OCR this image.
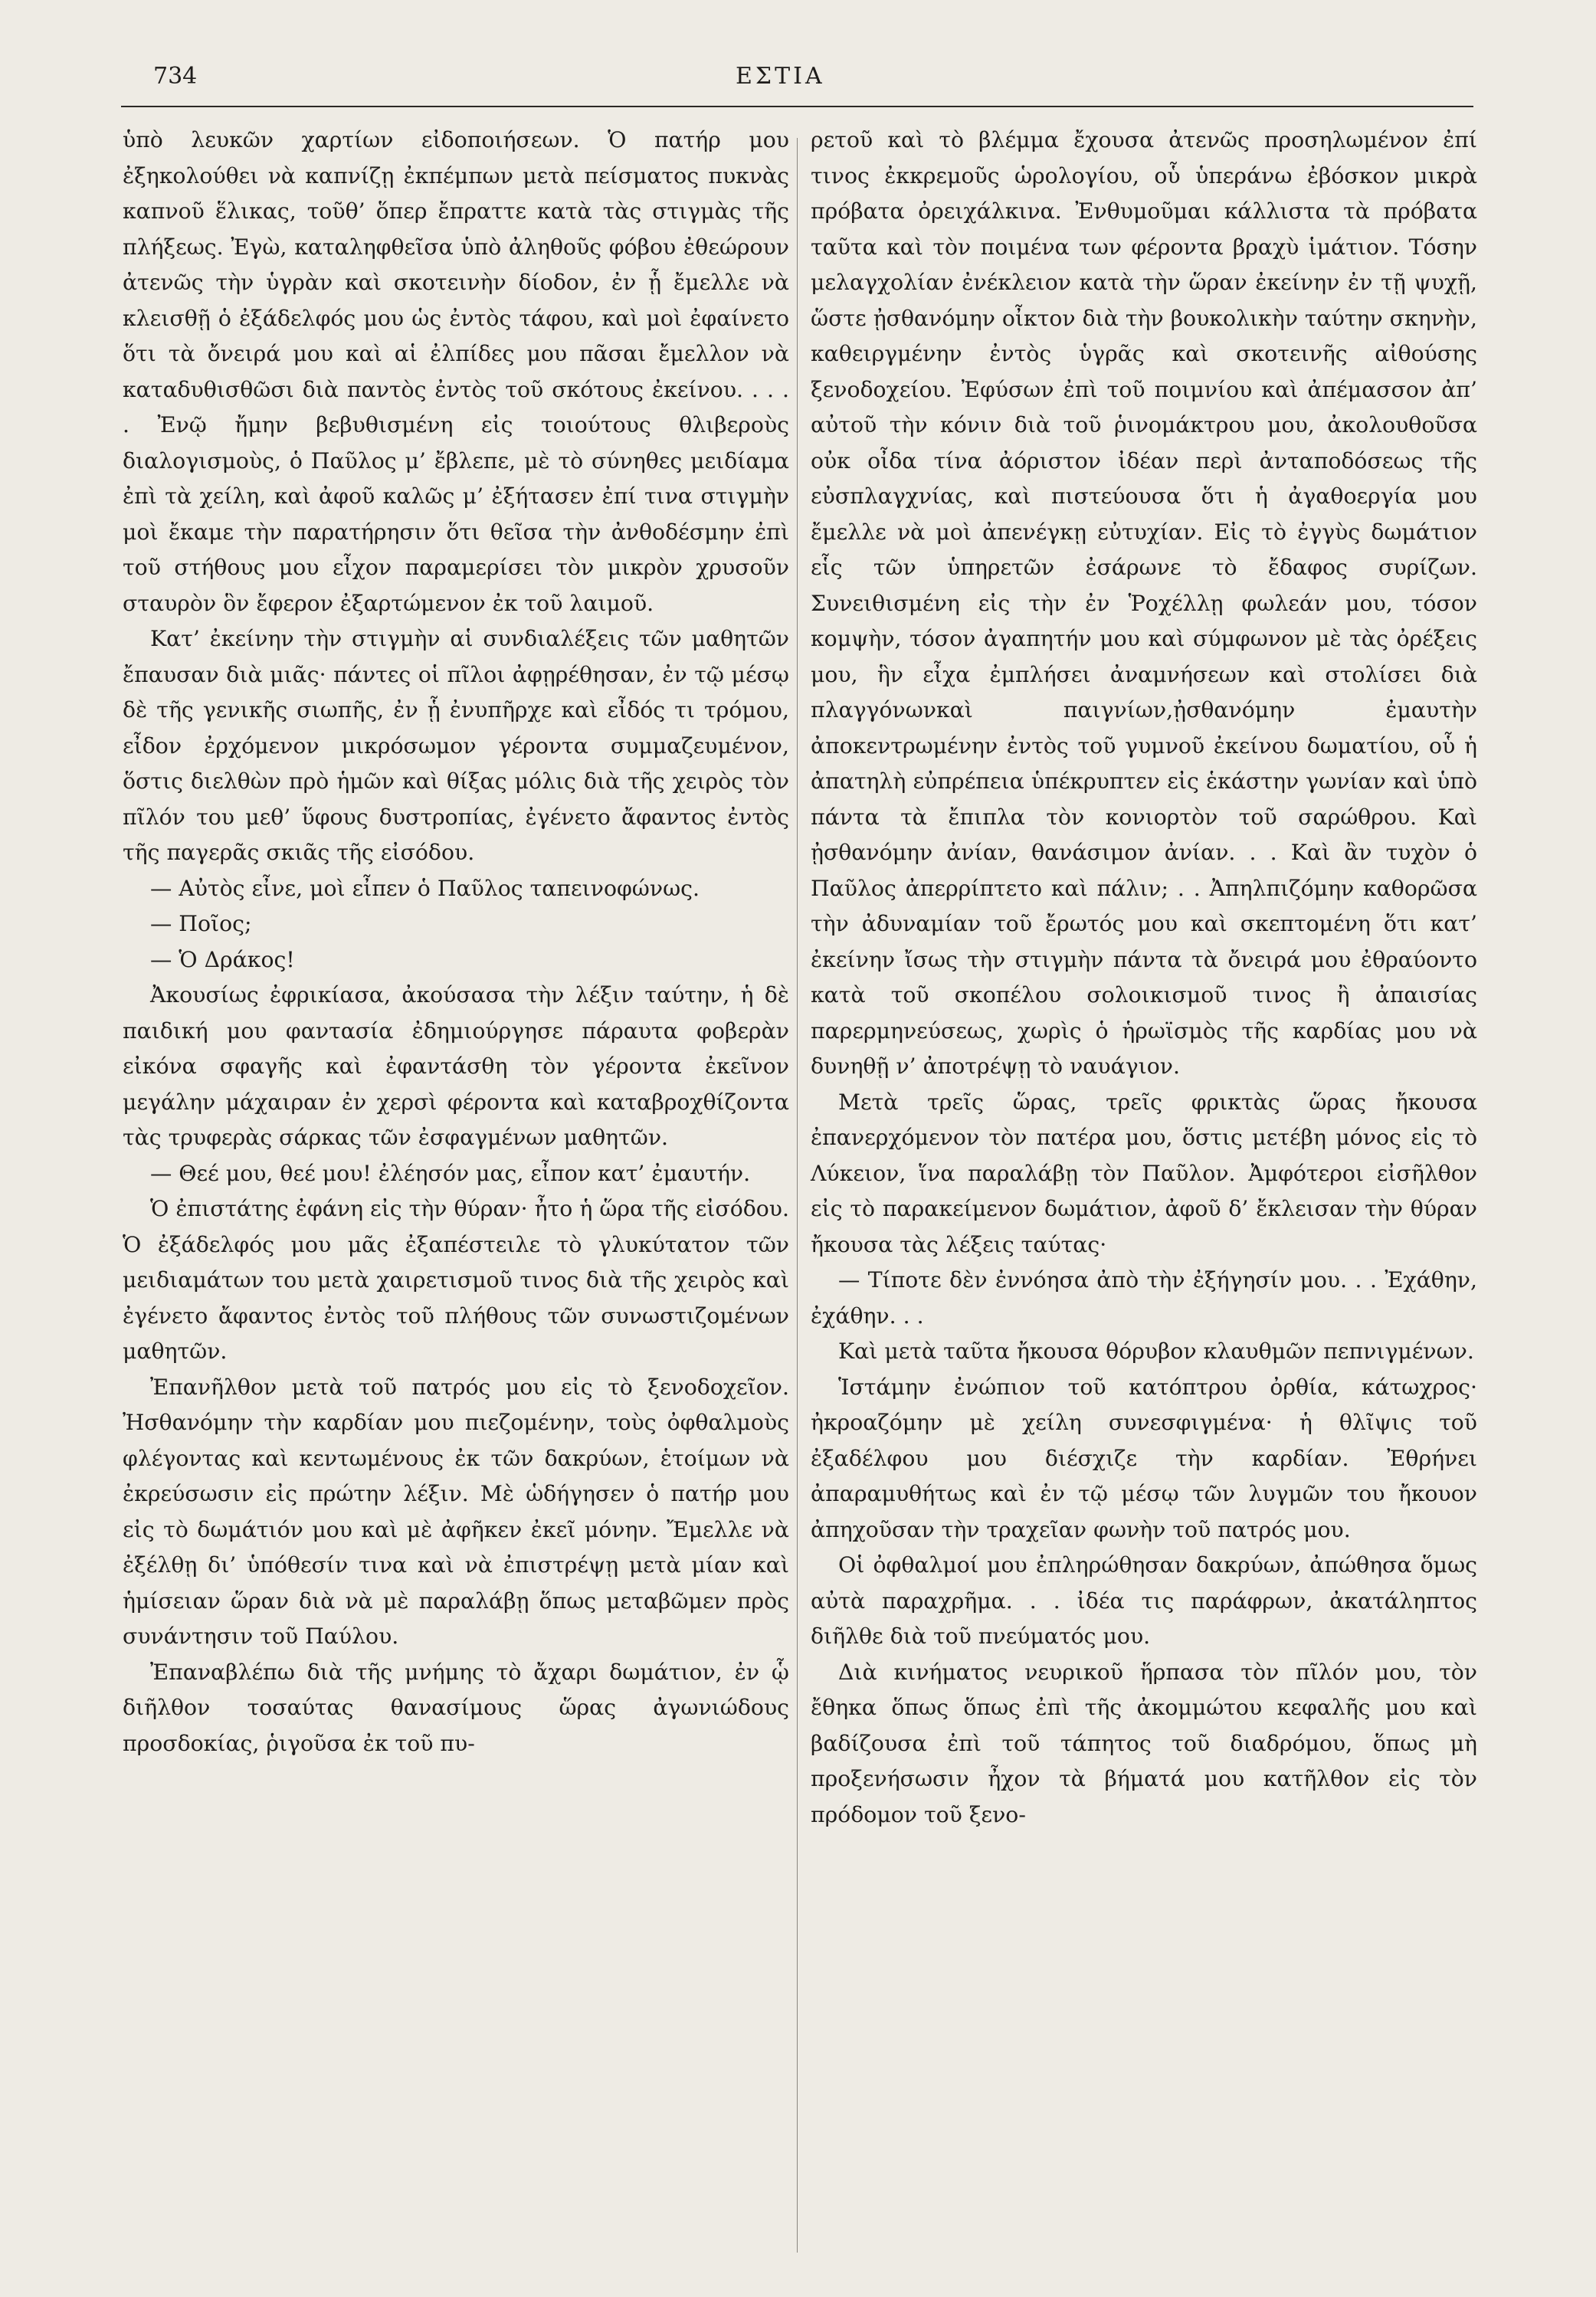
734	ΕΣΤΙΑ

ὑπὸ λευκῶν χαρτίων εἰδοποιήσεων. Ὁ πατήρ μου ἐξηκολούθει νὰ καπνίζῃ ἐκπέμπων μετὰ πείσματος πυκνὰς καπνοῦ ἕλικας, τοῦθ’ ὅπερ ἔπραττε κατὰ τὰς στιγμὰς τῆς πλήξεως. Ἐγὼ, καταληφθεῖσα ὑπὸ ἀληθοῦς φόβου ἐθεώρουν ἀτενῶς τὴν ὑγρὰν καὶ σκοτεινὴν δίοδον, ἐν ᾗ ἔμελλε νὰ κλεισθῇ ὁ ἐξάδελφός μου ὡς ἐντὸς τάφου, καὶ μοὶ ἐφαίνετο ὅτι τὰ ὄνειρά μου καὶ αἱ ἐλπίδες μου πᾶσαι ἔμελλον νὰ καταδυθισθῶσι διὰ παντὸς ἐντὸς τοῦ σκότους ἐκείνου. . . . . Ἐνῷ ἤμην βεβυθισμένη εἰς τοιούτους θλιβεροὺς διαλογισμοὺς, ὁ Παῦλος μ’ ἔβλεπε, μὲ τὸ σύνηθες μειδίαμα ἐπὶ τὰ χείλη, καὶ ἀφοῦ καλῶς μ’ ἐξήτασεν ἐπί τινα στιγμὴν μοὶ ἔκαμε τὴν παρατήρησιν ὅτι θεῖσα τὴν ἀνθοδέσμην ἐπὶ τοῦ στήθους μου εἶχον παραμερίσει τὸν μικρὸν χρυσοῦν σταυρὸν ὃν ἔφερον ἐξαρτώμενον ἐκ τοῦ λαιμοῦ.

Κατ’ ἐκείνην τὴν στιγμὴν αἱ συνδιαλέξεις τῶν μαθητῶν ἔπαυσαν διὰ μιᾶς· πάντες οἱ πῖλοι ἀφῃρέθησαν, ἐν τῷ μέσῳ δὲ τῆς γενικῆς σιωπῆς, ἐν ᾗ ἐνυπῆρχε καὶ εἶδός τι τρόμου, εἶδον ἐρχόμενον μικρόσωμον γέροντα συμμαζευμένον, ὅστις διελθὼν πρὸ ἡμῶν καὶ θίξας μόλις διὰ τῆς χειρὸς τὸν πῖλόν του μεθ’ ὕφους δυστροπίας, ἐγένετο ἄφαντος ἐντὸς τῆς παγερᾶς σκιᾶς τῆς εἰσόδου.

— Αὐτὸς εἶνε, μοὶ εἶπεν ὁ Παῦλος ταπεινοφώνως.

— Ποῖος;

— Ὁ Δράκος!

Ἀκουσίως ἐφρικίασα, ἀκούσασα τὴν λέξιν ταύτην, ἡ δὲ παιδική μου φαντασία ἐδημιούργησε πάραυτα φοβερὰν εἰκόνα σφαγῆς καὶ ἐφαντάσθη τὸν γέροντα ἐκεῖνον μεγάλην μάχαιραν ἐν χερσὶ φέροντα καὶ καταβροχθίζοντα τὰς τρυφερὰς σάρκας τῶν ἐσφαγμένων μαθητῶν.

— Θεέ μου, θεέ μου! ἐλέησόν μας, εἶπον κατ’ ἐμαυτήν.

Ὁ ἐπιστάτης ἐφάνη εἰς τὴν θύραν· ἦτο ἡ ὥρα τῆς εἰσόδου. Ὁ ἐξάδελφός μου μᾶς ἐξαπέστειλε τὸ γλυκύτατον τῶν μειδιαμάτων του μετὰ χαιρετισμοῦ τινος διὰ τῆς χειρὸς καὶ ἐγένετο ἄφαντος ἐντὸς τοῦ πλήθους τῶν συνωστιζομένων μαθητῶν.

Ἐπανῆλθον μετὰ τοῦ πατρός μου εἰς τὸ ξενοδοχεῖον. Ἠσθανόμην τὴν καρδίαν μου πιεζομένην, τοὺς ὀφθαλμοὺς φλέγοντας καὶ κεντωμένους ἐκ τῶν δακρύων, ἑτοίμων νὰ ἐκρεύσωσιν εἰς πρώτην λέξιν. Μὲ ὡδήγησεν ὁ πατήρ μου εἰς τὸ δωμάτιόν μου καὶ μὲ ἀφῆκεν ἐκεῖ μόνην. Ἔμελλε νὰ ἐξέλθῃ δι’ ὑπόθεσίν τινα καὶ νὰ ἐπιστρέψῃ μετὰ μίαν καὶ ἡμίσειαν ὥραν διὰ νὰ μὲ παραλάβῃ ὅπως μεταβῶμεν πρὸς συνάντησιν τοῦ Παύλου.

Ἐπαναβλέπω διὰ τῆς μνήμης τὸ ἄχαρι δωμάτιον, ἐν ᾧ διῆλθον τοσαύτας θανασίμους ὥρας ἀγωνιώδους προσδοκίας, ῥιγοῦσα ἐκ τοῦ πυ-

ρετοῦ καὶ τὸ βλέμμα ἔχουσα ἀτενῶς προσηλωμένον ἐπί τινος ἐκκρεμοῦς ὡρολογίου, οὗ ὑπεράνω ἐβόσκον μικρὰ πρόβατα ὀρειχάλκινα. Ἐνθυμοῦμαι κάλλιστα τὰ πρόβατα ταῦτα καὶ τὸν ποιμένα των φέροντα βραχὺ ἱμάτιον. Τόσην μελαγχολίαν ἐνέκλειον κατὰ τὴν ὥραν ἐκείνην ἐν τῇ ψυχῇ, ὥστε ᾐσθανόμην οἶκτον διὰ τὴν βουκολικὴν ταύτην σκηνὴν, καθειργμένην ἐντὸς ὑγρᾶς καὶ σκοτεινῆς αἰθούσης ξενοδοχείου. Ἐφύσων ἐπὶ τοῦ ποιμνίου καὶ ἀπέμασσον ἀπ’ αὐτοῦ τὴν κόνιν διὰ τοῦ ῥινομάκτρου μου, ἀκολουθοῦσα οὐκ οἶδα τίνα ἀόριστον ἰδέαν περὶ ἀνταποδόσεως τῆς εὐσπλαγχνίας, καὶ πιστεύουσα ὅτι ἡ ἀγαθοεργία μου ἔμελλε νὰ μοὶ ἀπενέγκῃ εὐτυχίαν. Εἰς τὸ ἐγγὺς δωμάτιον εἷς τῶν ὑπηρετῶν ἐσάρωνε τὸ ἔδαφος συρίζων. Συνειθισμένη εἰς τὴν ἐν Ῥοχέλλῃ φωλεάν μου, τόσον κομψὴν, τόσον ἀγαπητήν μου καὶ σύμφωνον μὲ τὰς ὀρέξεις μου, ἣν εἶχα ἐμπλήσει ἀναμνήσεων καὶ στολίσει διὰ πλαγγόνωνκαὶ παιγνίων,ᾐσθανόμην ἐμαυτὴν ἀποκεντρωμένην ἐντὸς τοῦ γυμνοῦ ἐκείνου δωματίου, οὗ ἡ ἀπατηλὴ εὐπρέπεια ὑπέκρυπτεν εἰς ἑκάστην γωνίαν καὶ ὑπὸ πάντα τὰ ἔπιπλα τὸν κονιορτὸν τοῦ σαρώθρου. Καὶ ᾐσθανόμην ἀνίαν, θανάσιμον ἀνίαν. . . Καὶ ἂν τυχὸν ὁ Παῦλος ἀπερρίπτετο καὶ πάλιν; . . Ἀπηλπιζόμην καθορῶσα τὴν ἀδυναμίαν τοῦ ἔρωτός μου καὶ σκεπτομένη ὅτι κατ’ ἐκείνην ἴσως τὴν στιγμὴν πάντα τὰ ὄνειρά μου ἐθραύοντο κατὰ τοῦ σκοπέλου σολοικισμοῦ τινος ἢ ἀπαισίας παρερμηνεύσεως, χωρὶς ὁ ἡρωϊσμὸς τῆς καρδίας μου νὰ δυνηθῇ ν’ ἀποτρέψῃ τὸ ναυάγιον.

Μετὰ τρεῖς ὥρας, τρεῖς φρικτὰς ὥρας ἤκουσα ἐπανερχόμενον τὸν πατέρα μου, ὅστις μετέβη μόνος εἰς τὸ Λύκειον, ἵνα παραλάβῃ τὸν Παῦλον. Ἀμφότεροι εἰσῆλθον εἰς τὸ παρακείμενον δωμάτιον, ἀφοῦ δ’ ἔκλεισαν τὴν θύραν ἤκουσα τὰς λέξεις ταύτας·

— Τίποτε δὲν ἐννόησα ἀπὸ τὴν ἐξήγησίν μου. . . Ἐχάθην, ἐχάθην. . .

Καὶ μετὰ ταῦτα ἤκουσα θόρυβον κλαυθμῶν πεπνιγμένων.

Ἱστάμην ἐνώπιον τοῦ κατόπτρου ὀρθία, κάτωχρος· ἠκροαζόμην μὲ χείλη συνεσφιγμένα· ἡ θλῖψις τοῦ ἐξαδέλφου μου διέσχιζε τὴν καρδίαν. Ἐθρήνει ἀπαραμυθήτως καὶ ἐν τῷ μέσῳ τῶν λυγμῶν του ἤκουον ἀπηχοῦσαν τὴν τραχεῖαν φωνὴν τοῦ πατρός μου.

Οἱ ὀφθαλμοί μου ἐπληρώθησαν δακρύων, ἀπώθησα ὅμως αὐτὰ παραχρῆμα. . . ἰδέα τις παράφρων, ἀκατάληπτος διῆλθε διὰ τοῦ πνεύματός μου.

Διὰ κινήματος νευρικοῦ ἥρπασα τὸν πῖλόν μου, τὸν ἔθηκα ὅπως ὅπως ἐπὶ τῆς ἀκομμώτου κεφαλῆς μου καὶ βαδίζουσα ἐπὶ τοῦ τάπητος τοῦ διαδρόμου, ὅπως μὴ προξενήσωσιν ἦχον τὰ βήματά μου κατῆλθον εἰς τὸν πρόδομον τοῦ ξενο-
